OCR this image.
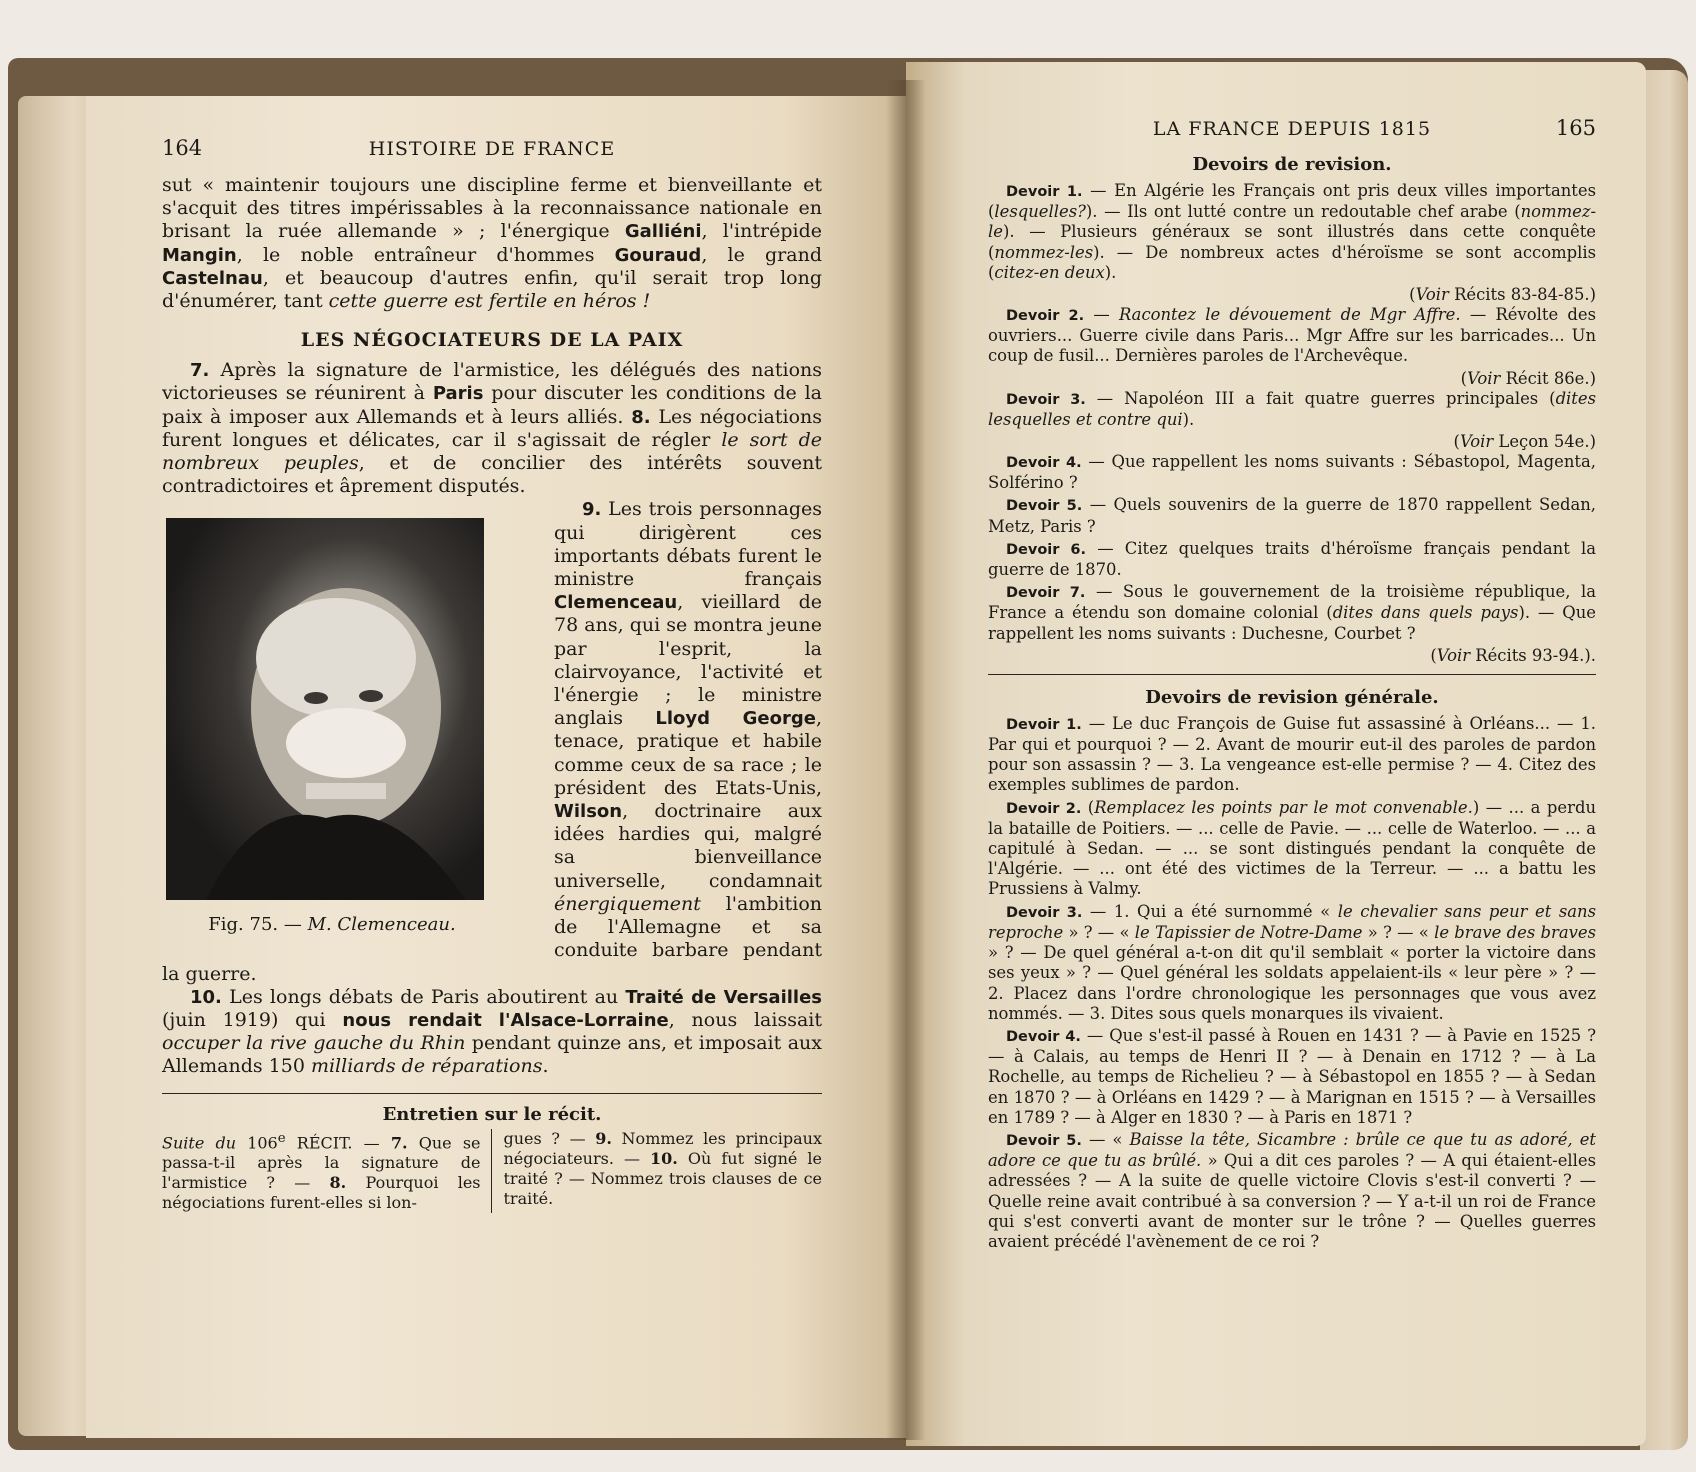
164	HISTOIRE DE FRANCE

sut « maintenir toujours une discipline ferme et bienveillante et s'acquit des titres impérissables à la reconnaissance nationale en brisant la ruée allemande » ; l'énergique Galliéni, l'intrépide Mangin, le noble entraîneur d'hommes Gouraud, le grand Castelnau, et beaucoup d'autres enfin, qu'il serait trop long d'énumérer, tant cette guerre est fertile en héros !

LES NÉGOCIATEURS DE LA PAIX

7. Après la signature de l'armistice, les délégués des nations victorieuses se réunirent à Paris pour discuter les conditions de la paix à imposer aux Allemands et à leurs alliés. 8. Les négociations furent longues et délicates, car il s'agissait de régler le sort de nombreux peuples, et de concilier des intérêts souvent contradictoires et âprement disputés.

Fig. 75. — M. Clemenceau.

9. Les trois personnages qui dirigèrent ces importants débats furent le ministre français Clemenceau, vieillard de 78 ans, qui se montra jeune par l'esprit, la clairvoyance, l'activité et l'énergie ; le ministre anglais Lloyd George, tenace, pratique et habile comme ceux de sa race ; le président des Etats-Unis, Wilson, doctrinaire aux idées hardies qui, malgré sa bienveillance universelle, condamnait énergiquement l'ambition de l'Allemagne et sa conduite barbare pendant la guerre.

10. Les longs débats de Paris aboutirent au Traité de Versailles (juin 1919) qui nous rendait l'Alsace-Lorraine, nous laissait occuper la rive gauche du Rhin pendant quinze ans, et imposait aux Allemands 150 milliards de réparations.

Entretien sur le récit.
Suite du 106e RÉCIT. — 7. Que se passa-t-il après la signature de l'armistice ? — 8. Pourquoi les négociations furent-elles si lon-
gues ? — 9. Nommez les principaux négociateurs. — 10. Où fut signé le traité ? — Nommez trois clauses de ce traité.
LA FRANCE DEPUIS 1815	165
Devoirs de revision.

Devoir 1. — En Algérie les Français ont pris deux villes importantes (lesquelles?). — Ils ont lutté contre un redoutable chef arabe (nommez-le). — Plusieurs généraux se sont illustrés dans cette conquête (nommez-les). — De nombreux actes d'héroïsme se sont accomplis (citez-en deux).

(Voir Récits 83-84-85.)

Devoir 2. — Racontez le dévouement de Mgr Affre. — Révolte des ouvriers... Guerre civile dans Paris... Mgr Affre sur les barricades... Un coup de fusil... Dernières paroles de l'Archevêque.

(Voir Récit 86e.)

Devoir 3. — Napoléon III a fait quatre guerres principales (dites lesquelles et contre qui).

(Voir Leçon 54e.)

Devoir 4. — Que rappellent les noms suivants : Sébastopol, Magenta, Solférino ?

Devoir 5. — Quels souvenirs de la guerre de 1870 rappellent Sedan, Metz, Paris ?

Devoir 6. — Citez quelques traits d'héroïsme français pendant la guerre de 1870.

Devoir 7. — Sous le gouvernement de la troisième république, la France a étendu son domaine colonial (dites dans quels pays). — Que rappellent les noms suivants : Duchesne, Courbet ?

(Voir Récits 93-94.).
Devoirs de revision générale.

Devoir 1. — Le duc François de Guise fut assassiné à Orléans... — 1. Par qui et pourquoi ? — 2. Avant de mourir eut-il des paroles de pardon pour son assassin ? — 3. La vengeance est-elle permise ? — 4. Citez des exemples sublimes de pardon.

Devoir 2. (Remplacez les points par le mot convenable.) — ... a perdu la bataille de Poitiers. — ... celle de Pavie. — ... celle de Waterloo. — ... a capitulé à Sedan. — ... se sont distingués pendant la conquête de l'Algérie. — ... ont été des victimes de la Terreur. — ... a battu les Prussiens à Valmy.

Devoir 3. — 1. Qui a été surnommé « le chevalier sans peur et sans reproche » ? — « le Tapissier de Notre-Dame » ? — « le brave des braves » ? — De quel général a-t-on dit qu'il semblait « porter la victoire dans ses yeux » ? — Quel général les soldats appelaient-ils « leur père » ? — 2. Placez dans l'ordre chronologique les personnages que vous avez nommés. — 3. Dites sous quels monarques ils vivaient.

Devoir 4. — Que s'est-il passé à Rouen en 1431 ? — à Pavie en 1525 ? — à Calais, au temps de Henri II ? — à Denain en 1712 ? — à La Rochelle, au temps de Richelieu ? — à Sébastopol en 1855 ? — à Sedan en 1870 ? — à Orléans en 1429 ? — à Marignan en 1515 ? — à Versailles en 1789 ? — à Alger en 1830 ? — à Paris en 1871 ?

Devoir 5. — « Baisse la tête, Sicambre : brûle ce que tu as adoré, et adore ce que tu as brûlé. » Qui a dit ces paroles ? — A qui étaient-elles adressées ? — A la suite de quelle victoire Clovis s'est-il converti ? — Quelle reine avait contribué à sa conversion ? — Y a-t-il un roi de France qui s'est converti avant de monter sur le trône ? — Quelles guerres avaient précédé l'avènement de ce roi ?
